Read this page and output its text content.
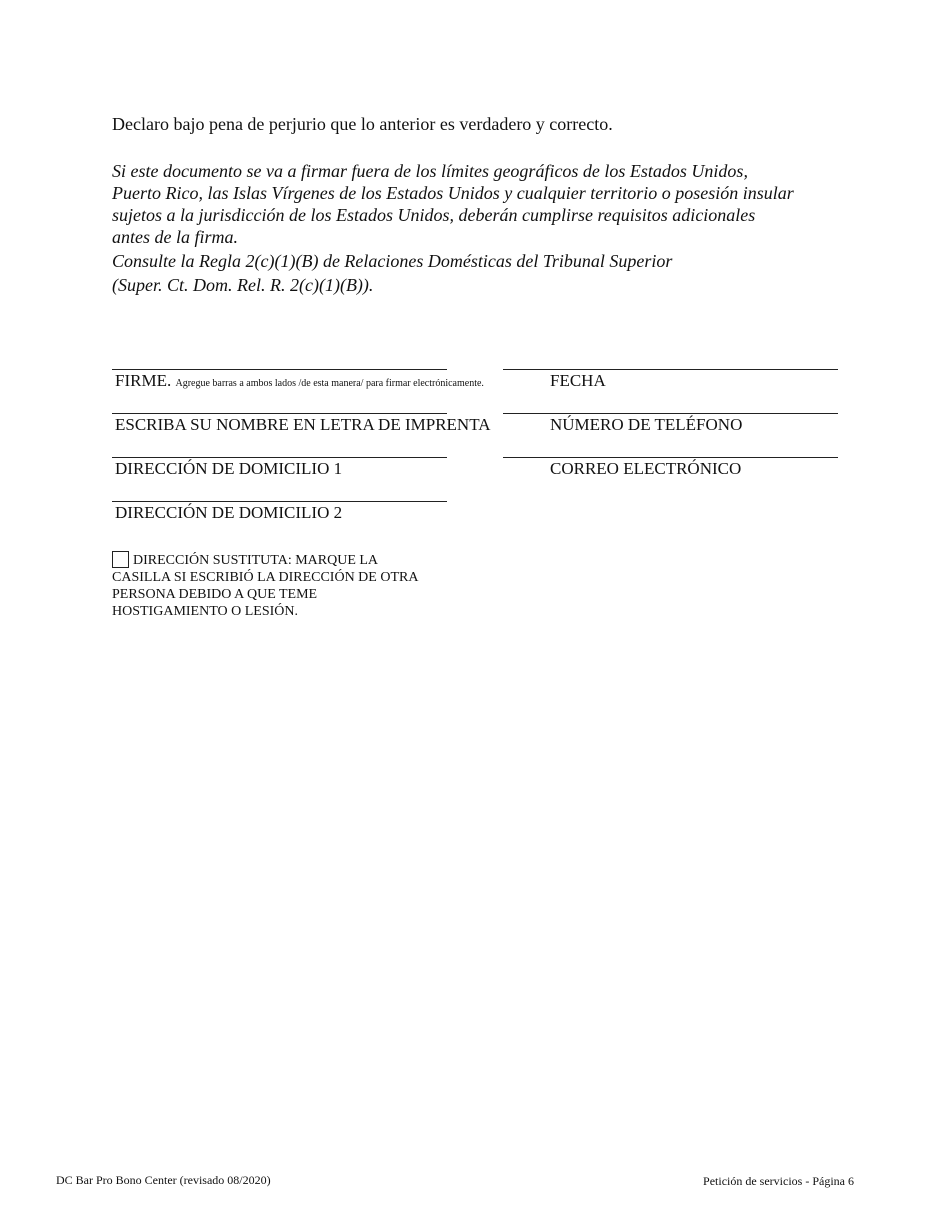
Declaro bajo pena de perjurio que lo anterior es verdadero y correcto.
Si este documento se va a firmar fuera de los límites geográficos de los Estados Unidos,
Puerto Rico, las Islas Vírgenes de los Estados Unidos y cualquier territorio o posesión insular
sujetos a la jurisdicción de los Estados Unidos, deberán cumplirse requisitos adicionales
antes de la firma.
Consulte la Regla 2(c)(1)(B) de Relaciones Domésticas del Tribunal Superior
(Super. Ct. Dom. Rel. R. 2(c)(1)(B)).
FIRME. Agregue barras a ambos lados /de esta manera/ para firmar electrónicamente.	FECHA
ESCRIBA SU NOMBRE EN LETRA DE IMPRENTA	NÚMERO DE TELÉFONO
DIRECCIÓN DE DOMICILIO 1	CORREO ELECTRÓNICO
DIRECCIÓN DE DOMICILIO 2
DIRECCIÓN SUSTITUTA: MARQUE LA
CASILLA SI ESCRIBIÓ LA DIRECCIÓN DE OTRA
PERSONA DEBIDO A QUE TEME
HOSTIGAMIENTO O LESIÓN.
DC Bar Pro Bono Center (revisado 08/2020)	Petición de servicios - Página 6
